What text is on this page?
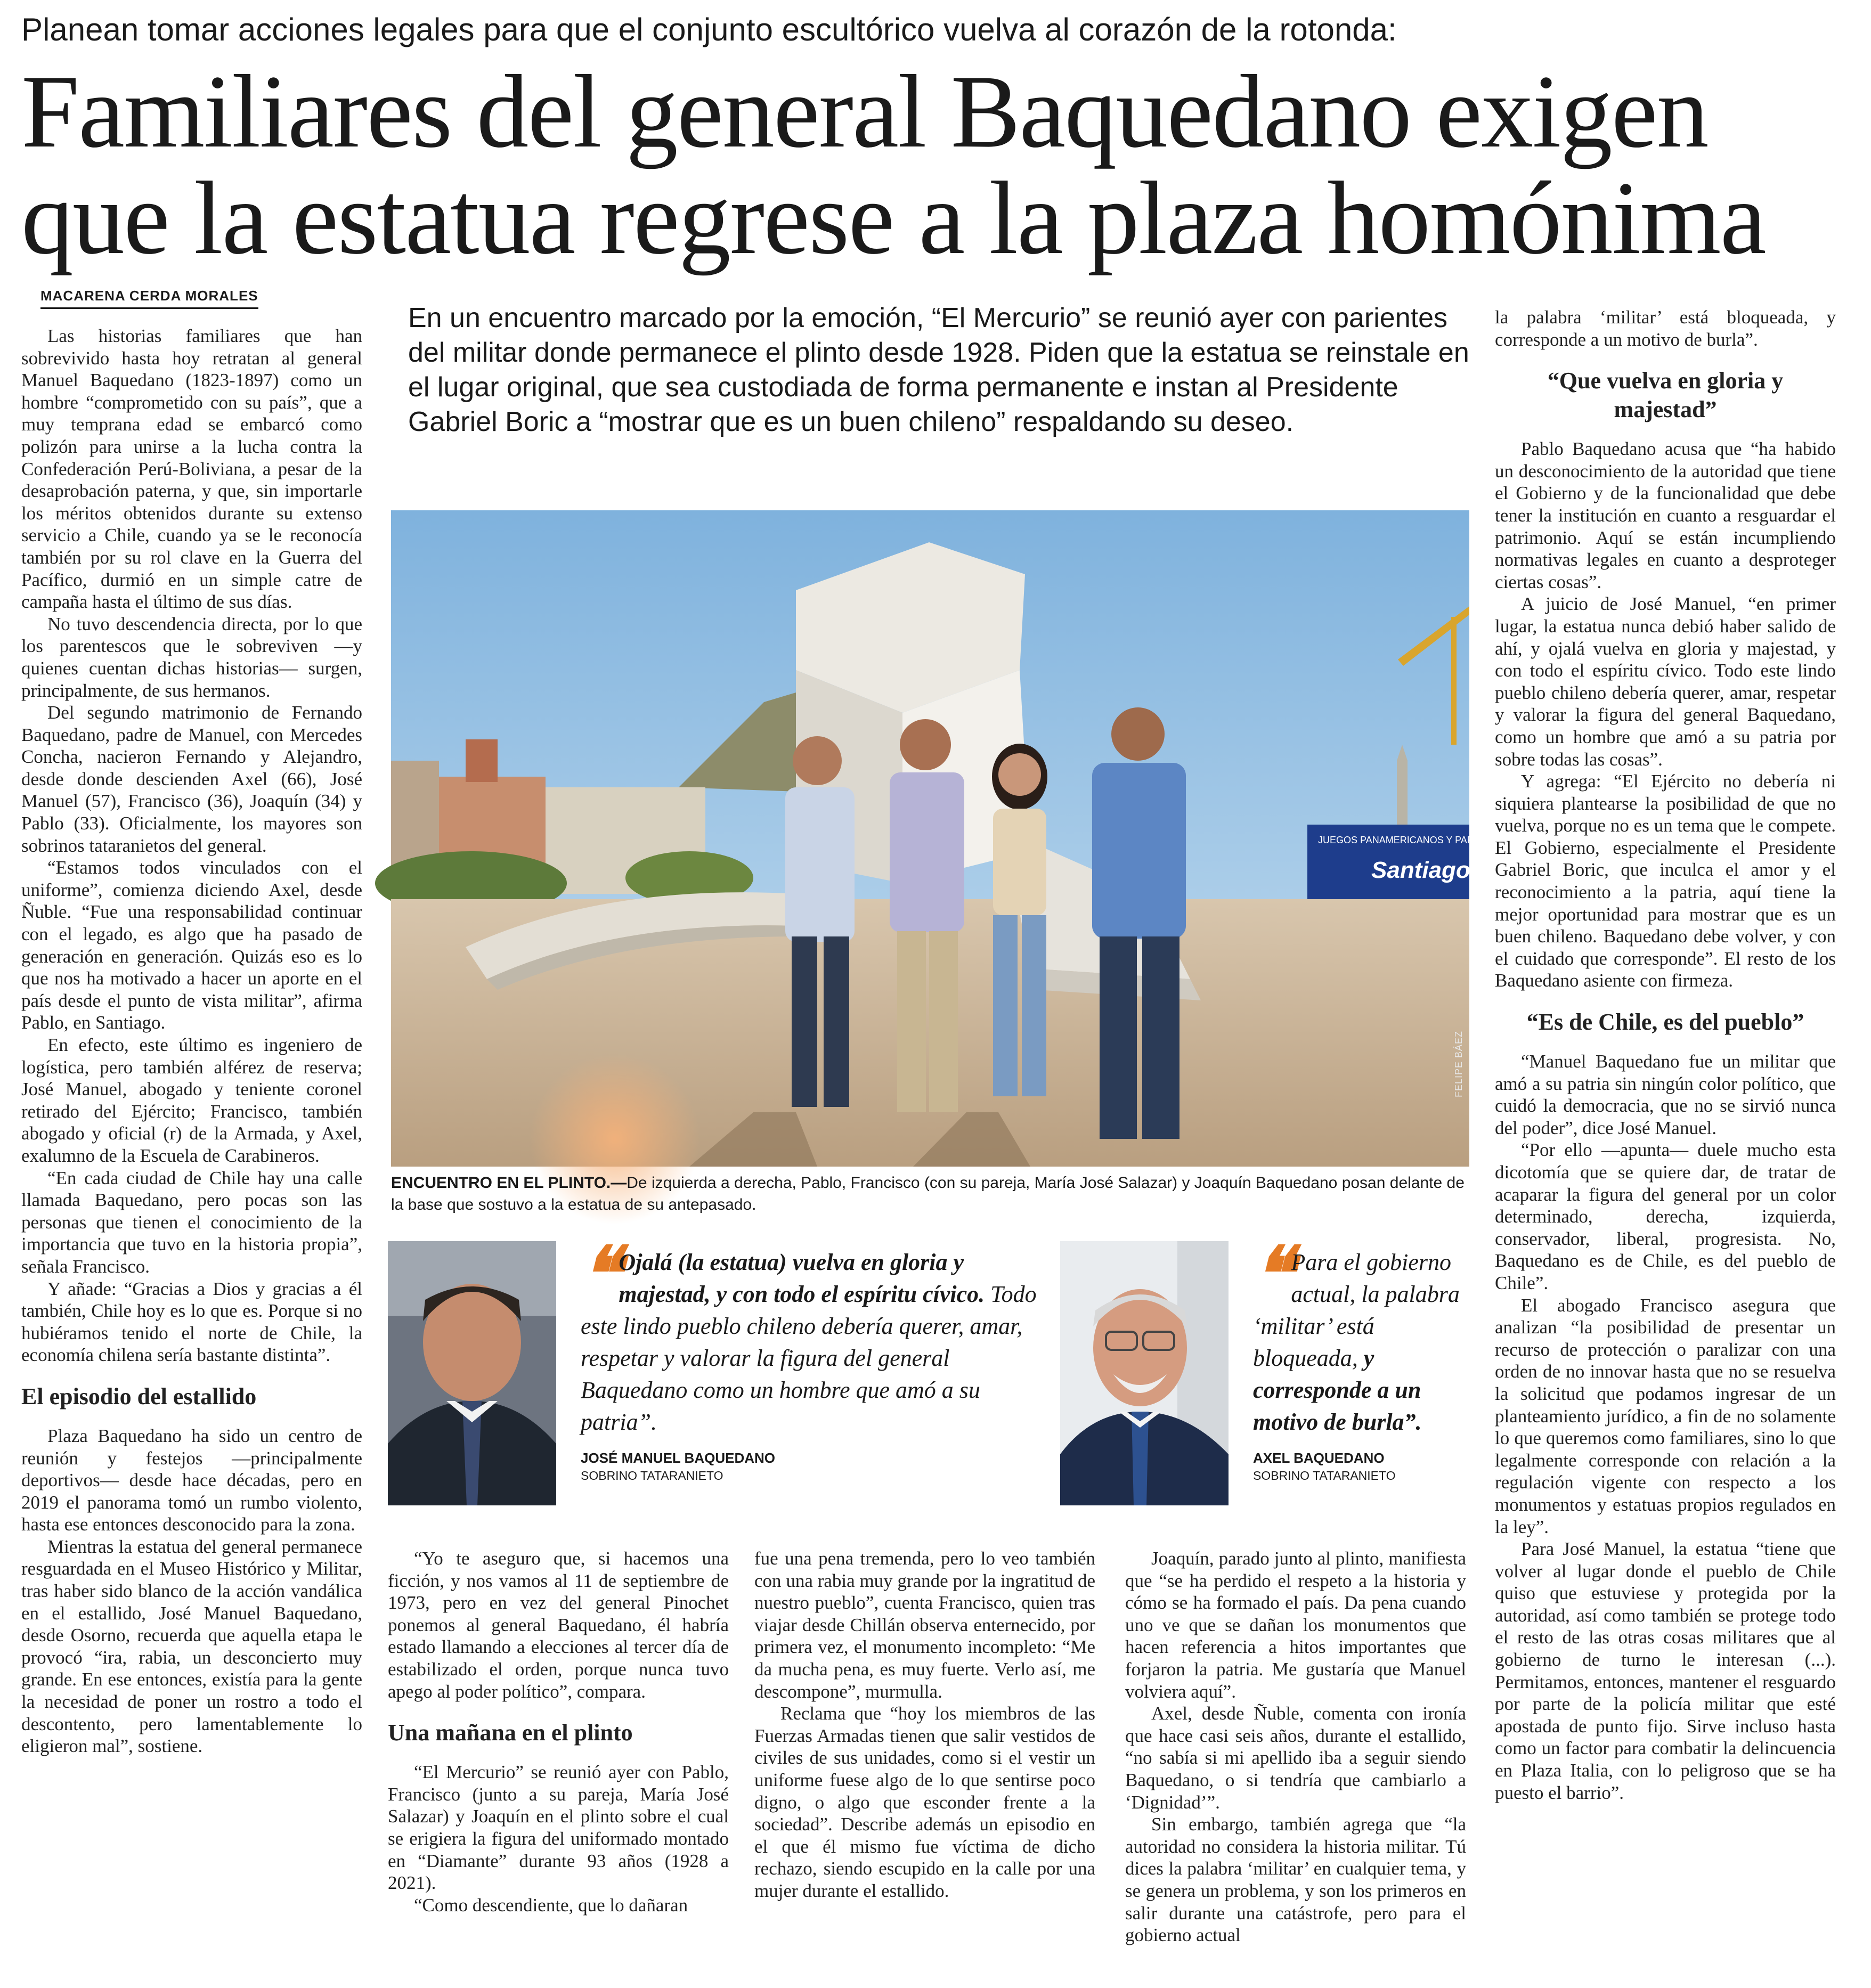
Planean tomar acciones legales para que el conjunto escultórico vuelva al corazón de la rotonda:
Familiares del general Baquedano exigen
que la estatua regrese a la plaza homónima
MACARENA CERDA MORALES

Las historias familiares que han sobrevivido hasta hoy retratan al general Manuel Baquedano (1823-1897) como un hombre “comprometido con su país”, que a muy temprana edad se embarcó como polizón para unirse a la lucha contra la Confederación Perú-Boliviana, a pesar de la desaprobación paterna, y que, sin importarle los méritos obtenidos durante su extenso servicio a Chile, cuando ya se le reconocía también por su rol clave en la Guerra del Pacífico, durmió en un simple catre de campaña hasta el último de sus días.

No tuvo descendencia directa, por lo que los parentescos que le sobreviven —y quienes cuentan dichas historias— surgen, principalmente, de sus hermanos.

Del segundo matrimonio de Fernando Baquedano, padre de Manuel, con Mercedes Concha, nacieron Fernando y Alejandro, desde donde descienden Axel (66), José Manuel (57), Francisco (36), Joaquín (34) y Pablo (33). Oficialmente, los mayores son sobrinos tataranietos del general.

“Estamos todos vinculados con el uniforme”, comienza diciendo Axel, desde Ñuble. “Fue una responsabilidad continuar con el legado, es algo que ha pasado de generación en generación. Quizás eso es lo que nos ha motivado a hacer un aporte en el país desde el punto de vista militar”, afirma Pablo, en Santiago.

En efecto, este último es ingeniero de logística, pero también alférez de reserva; José Manuel, abogado y teniente coronel retirado del Ejército; Francisco, también abogado y oficial (r) de la Armada, y Axel, exalumno de la Escuela de Carabineros.

“En cada ciudad de Chile hay una calle llamada Baquedano, pero pocas son las personas que tienen el conocimiento de la importancia que tuvo en la historia propia”, señala Francisco.

Y añade: “Gracias a Dios y gracias a él también, Chile hoy es lo que es. Porque si no hubiéramos tenido el norte de Chile, la economía chilena sería bastante distinta”.

El episodio del estallido

Plaza Baquedano ha sido un centro de reunión y festejos —principalmente deportivos— desde hace décadas, pero en 2019 el panorama tomó un rumbo violento, hasta ese entonces desconocido para la zona.

Mientras la estatua del general permanece resguardada en el Museo Histórico y Militar, tras haber sido blanco de la acción vandálica en el estallido, José Manuel Baquedano, desde Osorno, recuerda que aquella etapa le provocó “ira, rabia, un desconcierto muy grande. En ese entonces, existía para la gente la necesidad de poner un rostro a todo el descontento, pero lamentablemente lo eligieron mal”, sostiene.

En un encuentro marcado por la emoción, “El Mercurio” se reunió ayer con parientes del militar donde permanece el plinto desde 1928. Piden que la estatua se reinstale en el lugar original, que sea custodiada de forma permanente e instan al Presidente Gabriel Boric a “mostrar que es un buen chileno” respaldando su deseo.
JUEGOS PANAMERICANOS Y PARAPAN
Santiago 20
FELIPE BÁEZ
ENCUENTRO EN EL PLINTO.—De izquierda a derecha, Pablo, Francisco (con su pareja, María José Salazar) y Joaquín Baquedano posan delante de la base que sostuvo a la estatua de su antepasado.
❝ Ojalá (la estatua) vuelva en gloria y majestad, y con todo el espíritu cívico. Todo este lindo pueblo chileno debería querer, amar, respetar y valorar la figura del general Baquedano como un hombre que amó a su patria”.
JOSÉ MANUEL BAQUEDANO
SOBRINO TATARANIETO
❝ Para el gobierno actual, la palabra ‘militar’ está bloqueada, y corresponde a un motivo de burla”.
AXEL BAQUEDANO
SOBRINO TATARANIETO

“Yo te aseguro que, si hacemos una ficción, y nos vamos al 11 de septiembre de 1973, pero en vez del general Pinochet ponemos al general Baquedano, él habría estado llamando a elecciones al tercer día de estabilizado el orden, porque nunca tuvo apego al poder político”, compara.

Una mañana en el plinto

“El Mercurio” se reunió ayer con Pablo, Francisco (junto a su pareja, María José Salazar) y Joaquín en el plinto sobre el cual se erigiera la figura del uniformado montado en “Diamante” durante 93 años (1928 a 2021).

“Como descendiente, que lo dañaran

fue una pena tremenda, pero lo veo también con una rabia muy grande por la ingratitud de nuestro pueblo”, cuenta Francisco, quien tras viajar desde Chillán observa enternecido, por primera vez, el monumento incompleto: “Me da mucha pena, es muy fuerte. Verlo así, me descompone”, murmulla.

Reclama que “hoy los miembros de las Fuerzas Armadas tienen que salir vestidos de civiles de sus unidades, como si el vestir un uniforme fuese algo de lo que sentirse poco digno, o algo que esconder frente a la sociedad”. Describe además un episodio en el que él mismo fue víctima de dicho rechazo, siendo escupido en la calle por una mujer durante el estallido.

Joaquín, parado junto al plinto, manifiesta que “se ha perdido el respeto a la historia y cómo se ha formado el país. Da pena cuando uno ve que se dañan los monumentos que hacen referencia a hitos importantes que forjaron la patria. Me gustaría que Manuel volviera aquí”.

Axel, desde Ñuble, comenta con ironía que hace casi seis años, durante el estallido, “no sabía si mi apellido iba a seguir siendo Baquedano, o si tendría que cambiarlo a ‘Dignidad’”.

Sin embargo, también agrega que “la autoridad no considera la historia militar. Tú dices la palabra ‘militar’ en cualquier tema, y se genera un problema, y son los primeros en salir durante una catástrofe, pero para el gobierno actual

la palabra ‘militar’ está bloqueada, y corresponde a un motivo de burla”.

“Que vuelva en gloria y majestad”

Pablo Baquedano acusa que “ha habido un desconocimiento de la autoridad que tiene el Gobierno y de la funcionalidad que debe tener la institución en cuanto a resguardar el patrimonio. Aquí se están incumpliendo normativas legales en cuanto a desproteger ciertas cosas”.

A juicio de José Manuel, “en primer lugar, la estatua nunca debió haber salido de ahí, y ojalá vuelva en gloria y majestad, y con todo el espíritu cívico. Todo este lindo pueblo chileno debería querer, amar, respetar y valorar la figura del general Baquedano, como un hombre que amó a su patria por sobre todas las cosas”.

Y agrega: “El Ejército no debería ni siquiera plantearse la posibilidad de que no vuelva, porque no es un tema que le compete. El Gobierno, especialmente el Presidente Gabriel Boric, que inculca el amor y el reconocimiento a la patria, aquí tiene la mejor oportunidad para mostrar que es un buen chileno. Baquedano debe volver, y con el cuidado que corresponde”. El resto de los Baquedano asiente con firmeza.

“Es de Chile, es del pueblo”

“Manuel Baquedano fue un militar que amó a su patria sin ningún color político, que cuidó la democracia, que no se sirvió nunca del poder”, dice José Manuel.

“Por ello —apunta— duele mucho esta dicotomía que se quiere dar, de tratar de acaparar la figura del general por un color determinado, derecha, izquierda, conservador, liberal, progresista. No, Baquedano es de Chile, es del pueblo de Chile”.

El abogado Francisco asegura que analizan “la posibilidad de presentar un recurso de protección o paralizar con una orden de no innovar hasta que no se resuelva la solicitud que podamos ingresar de un planteamiento jurídico, a fin de no solamente lo que queremos como familiares, sino lo que legalmente corresponde con relación a la regulación vigente con respecto a los monumentos y estatuas propios regulados en la ley”.

Para José Manuel, la estatua “tiene que volver al lugar donde el pueblo de Chile quiso que estuviese y protegida por la autoridad, así como también se protege todo el resto de las otras cosas militares que al gobierno de turno le interesan (...). Permitamos, entonces, mantener el resguardo por parte de la policía militar que esté apostada de punto fijo. Sirve incluso hasta como un factor para combatir la delincuencia en Plaza Italia, con lo peligroso que se ha puesto el barrio”.
